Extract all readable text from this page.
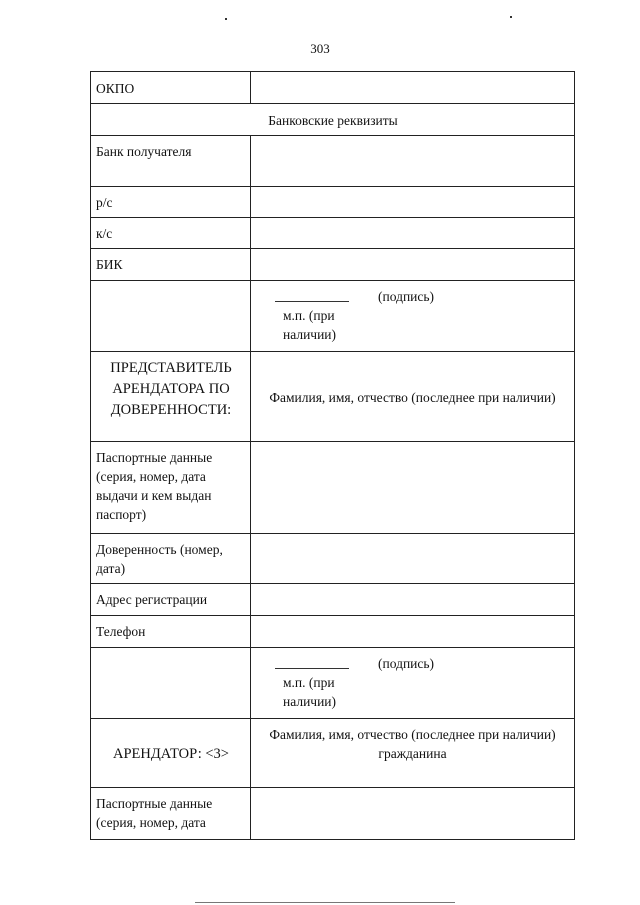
303
ОКПО	
Банковские реквизиты	
Банк получателя	
р/с	
к/с	
БИК	

	(подпись)
м.п. (при наличии)

ПРЕДСТАВИТЕЛЬ АРЕНДАТОРА ПО ДОВЕРЕННОСТИ:	Фамилия, имя, отчество (последнее при наличии)
Паспортные данные (серия, номер, дата выдачи и кем выдан паспорт)	
Доверенность (номер, дата)	
Адрес регистрации	
Телефон	

	(подпись)
м.п. (при наличии)

АРЕНДАТОР: <3>	Фамилия, имя, отчество (последнее при наличии) гражданина
Паспортные данные (серия, номер, дата	
